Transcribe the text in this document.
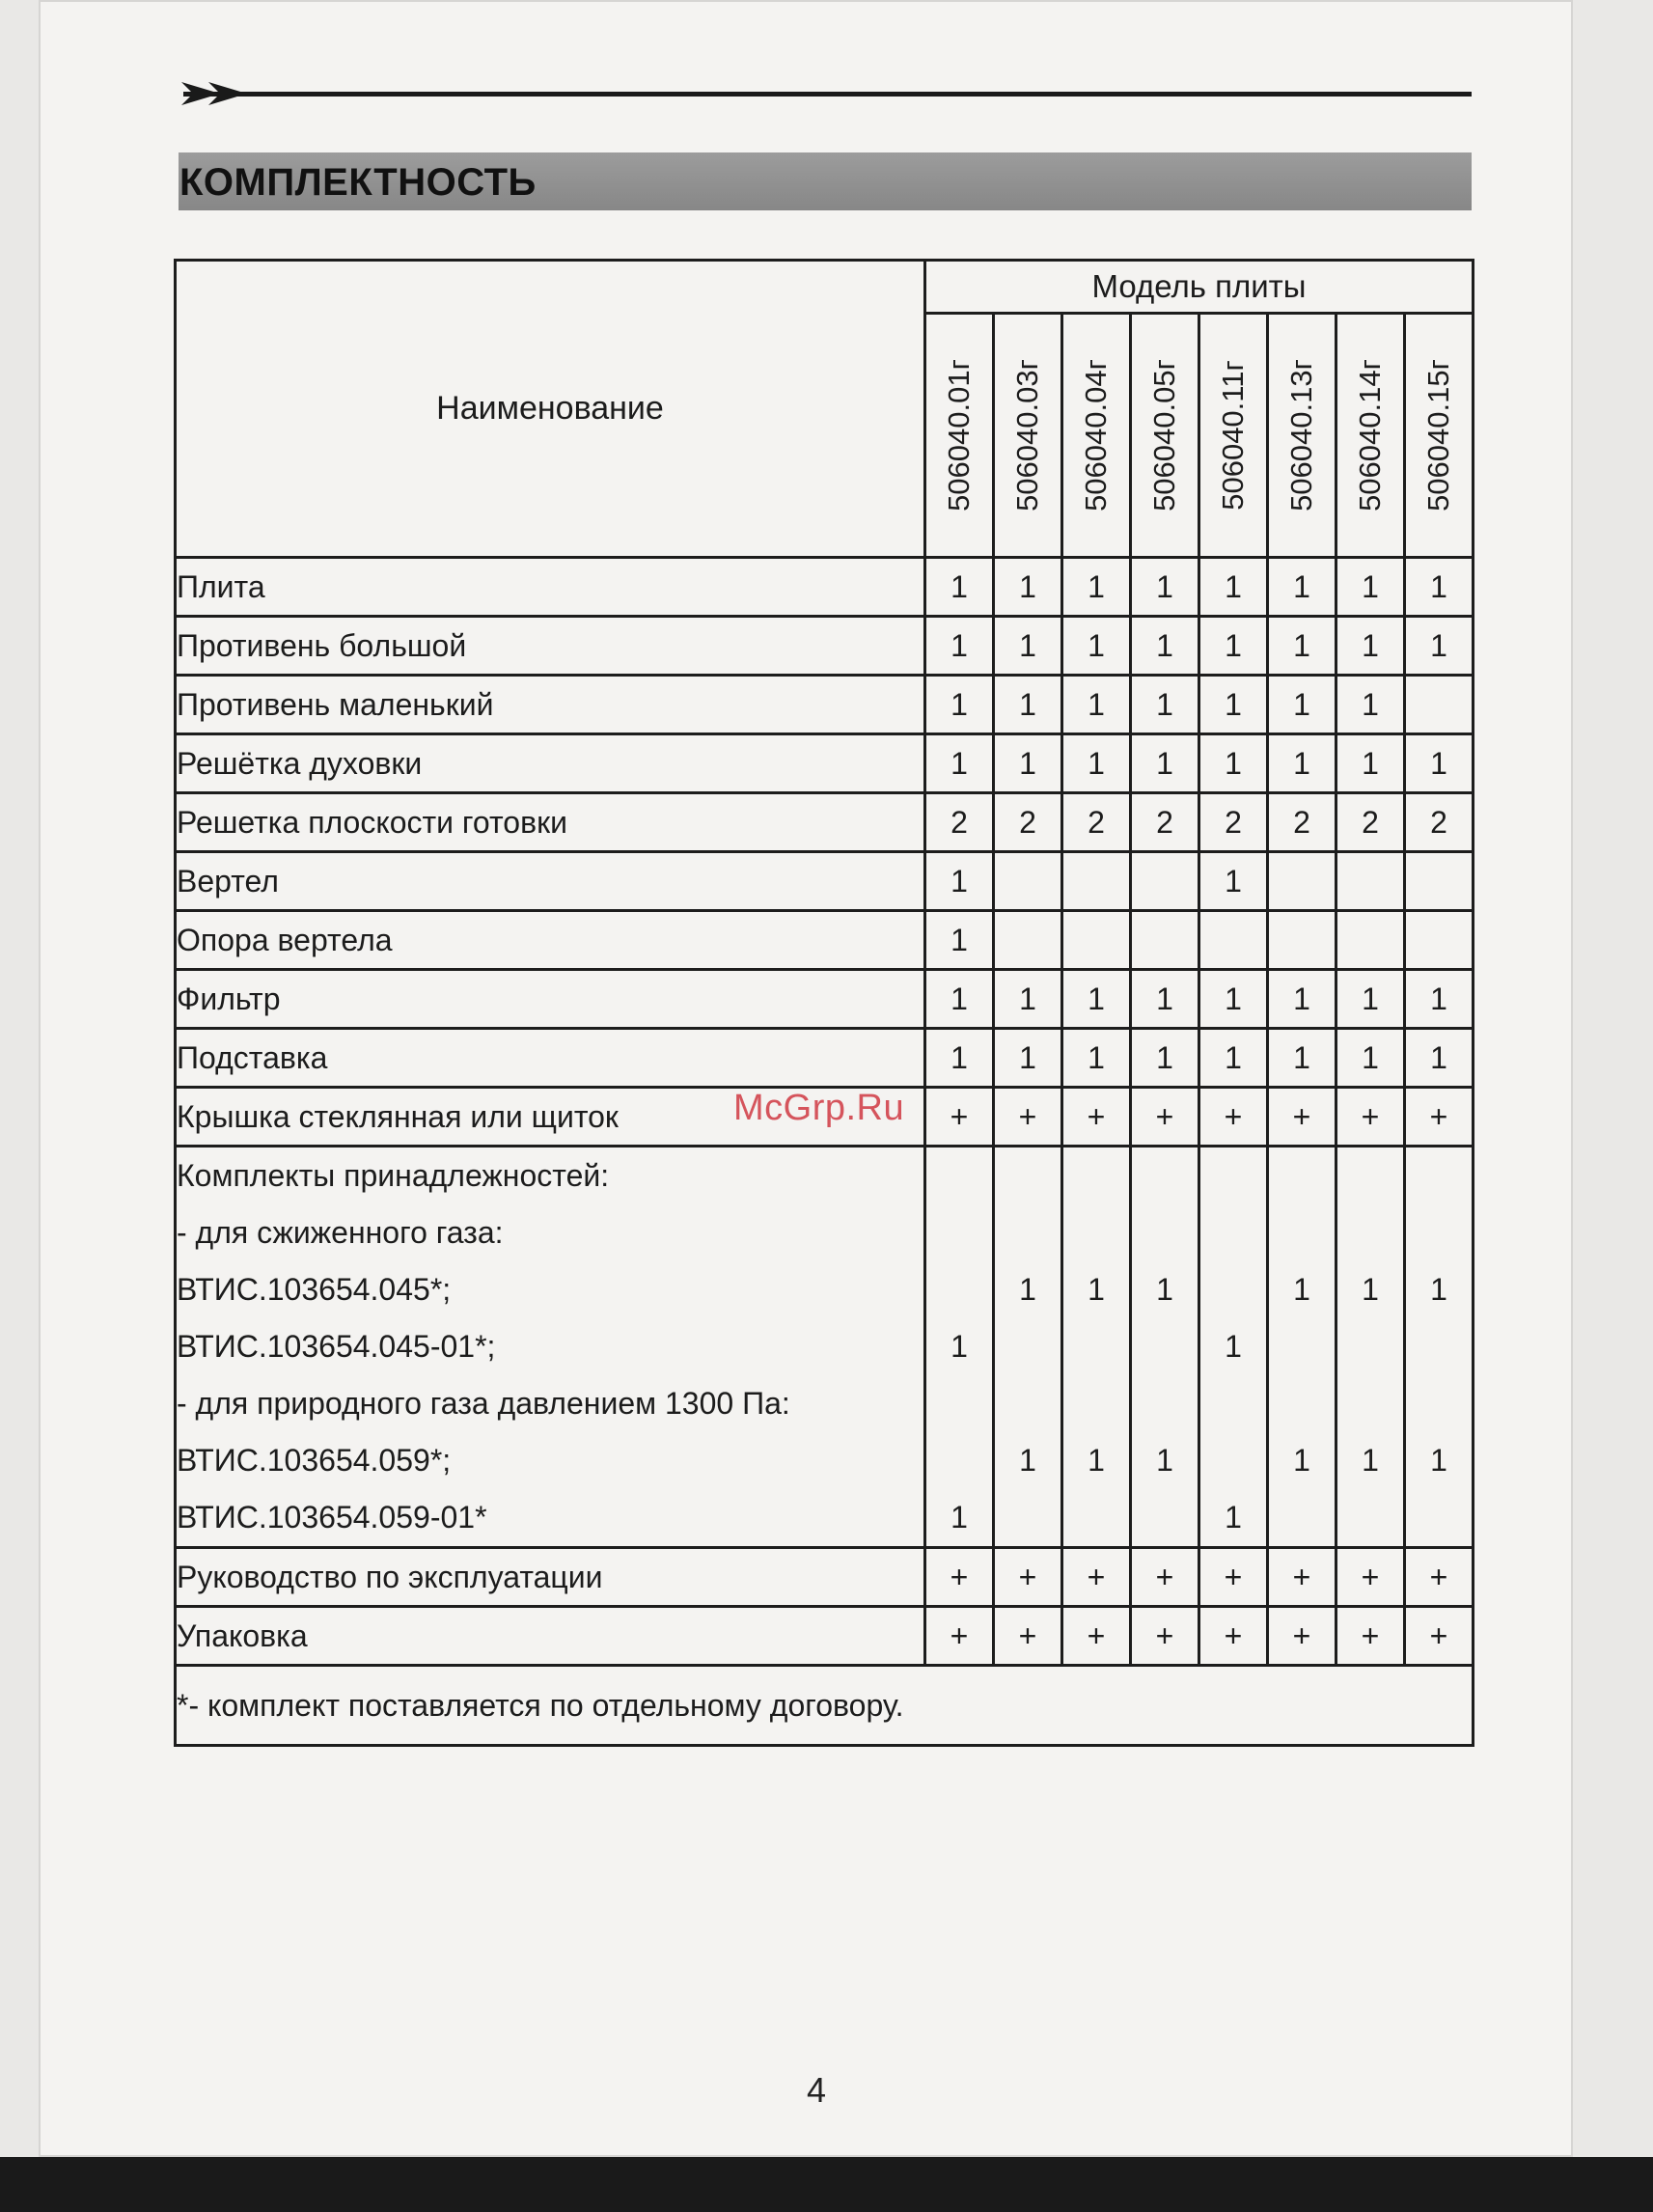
КОМПЛЕКТНОСТЬ
Наименование	Модель плиты							

	506040.01г	506040.03г	506040.04г	506040.05г	506040.11г	506040.13г	506040.14г	506040.15г

Плита	1	1	1	1	1	1	1	1
Противень большой	1	1	1	1	1	1	1	1
Противень маленький	1	1	1	1	1	1	1	
Решётка духовки	1	1	1	1	1	1	1	1
Решетка плоскости готовки	2	2	2	2	2	2	2	2
Вертел	1				1			
Опора вертела	1							
Фильтр	1	1	1	1	1	1	1	1
Подставка	1	1	1	1	1	1	1	1
Крышка стеклянная или щиток	+	+	+	+	+	+	+	+
Комплекты принадлежностей:								
- для сжиженного газа:								
ВТИС.103654.045*;		1	1	1		1	1	1
ВТИС.103654.045-01*;	1				1			
- для природного газа давлением 1300 Па:								
ВТИС.103654.059*;		1	1	1		1	1	1
ВТИС.103654.059-01*	1				1			
Руководство по эксплуатации	+	+	+	+	+	+	+	+
Упаковка	+	+	+	+	+	+	+	+
*- комплект поставляется по отдельному договору.								
McGrp.Ru
4
